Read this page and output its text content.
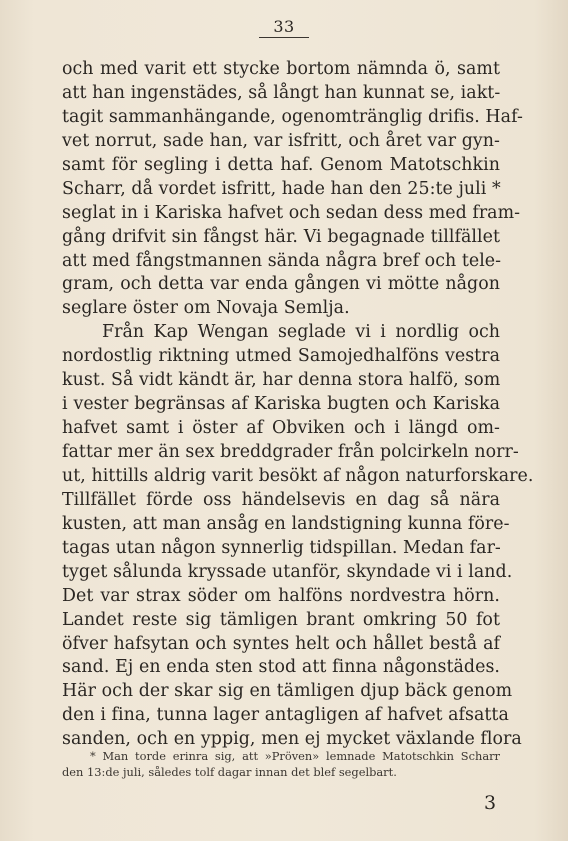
33
och med varit ett stycke bortom nämnda ö, samt
att han ingenstädes, så långt han kunnat se, iakt-
tagit sammanhängande, ogenomtränglig drifis. Haf-
vet norrut, sade han, var isfritt, och året var gyn-
samt för segling i detta haf. Genom Matotschkin
Scharr, då vordet isfritt, hade han den 25:te juli *
seglat in i Kariska hafvet och sedan dess med fram-
gång drifvit sin fångst här. Vi begagnade tillfället
att med fångstmannen sända några bref och tele-
gram, och detta var enda gången vi mötte någon
seglare öster om Novaja Semlja.
Från Kap Wengan seglade vi i nordlig och
nordostlig riktning utmed Samojedhalföns vestra
kust. Så vidt kändt är, har denna stora halfö, som
i vester begränsas af Kariska bugten och Kariska
hafvet samt i öster af Obviken och i längd om-
fattar mer än sex breddgrader från polcirkeln norr-
ut, hittills aldrig varit besökt af någon naturforskare.
Tillfället förde oss händelsevis en dag så nära
kusten, att man ansåg en landstigning kunna före-
tagas utan någon synnerlig tidspillan. Medan far-
tyget sålunda kryssade utanför, skyndade vi i land.
Det var strax söder om halföns nordvestra hörn.
Landet reste sig tämligen brant omkring 50 fot
öfver hafsytan och syntes helt och hållet bestå af
sand. Ej en enda sten stod att finna någonstädes.
Här och der skar sig en tämligen djup bäck genom
den i fina, tunna lager antagligen af hafvet afsatta
sanden, och en yppig, men ej mycket växlande flora
* Man torde erinra sig, att »Pröven» lemnade Matotschkin Scharr
den 13:de juli, således tolf dagar innan det blef segelbart.
3
